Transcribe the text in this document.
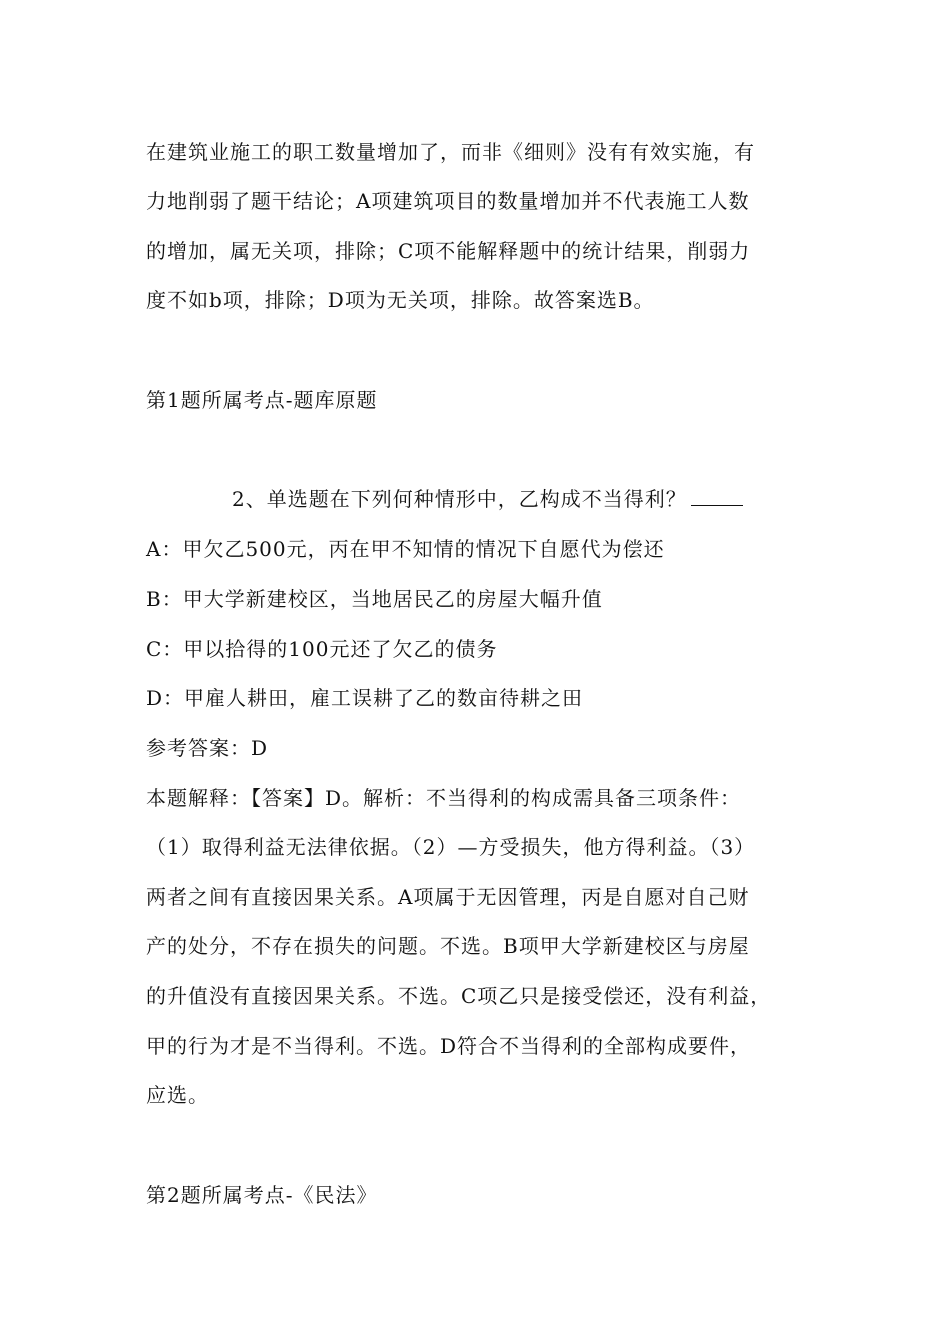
在建筑业施工的职工数量增加了，而非《细则》没有有效实施，有
力地削弱了题干结论；A项建筑项目的数量增加并不代表施工人数
的增加，属无关项，排除；C项不能解释题中的统计结果，削弱力
度不如b项，排除；D项为无关项，排除。故答案选B。
第1题所属考点-题库原题
2、单选题在下列何种情形中，乙构成不当得利？
A：甲欠乙500元，丙在甲不知情的情况下自愿代为偿还
B：甲大学新建校区，当地居民乙的房屋大幅升值
C：甲以拾得的100元还了欠乙的债务
D：甲雇人耕田，雇工误耕了乙的数亩待耕之田
参考答案：D
本题解释：【答案】D。解析：不当得利的构成需具备三项条件：
（1）取得利益无法律依据。（2）—方受损失，他方得利益。（3）
两者之间有直接因果关系。A项属于无因管理，丙是自愿对自己财
产的处分，不存在损失的问题。不选。B项甲大学新建校区与房屋
的升值没有直接因果关系。不选。C项乙只是接受偿还，没有利益，
甲的行为才是不当得利。不选。D符合不当得利的全部构成要件，
应选。
第2题所属考点-《民法》
